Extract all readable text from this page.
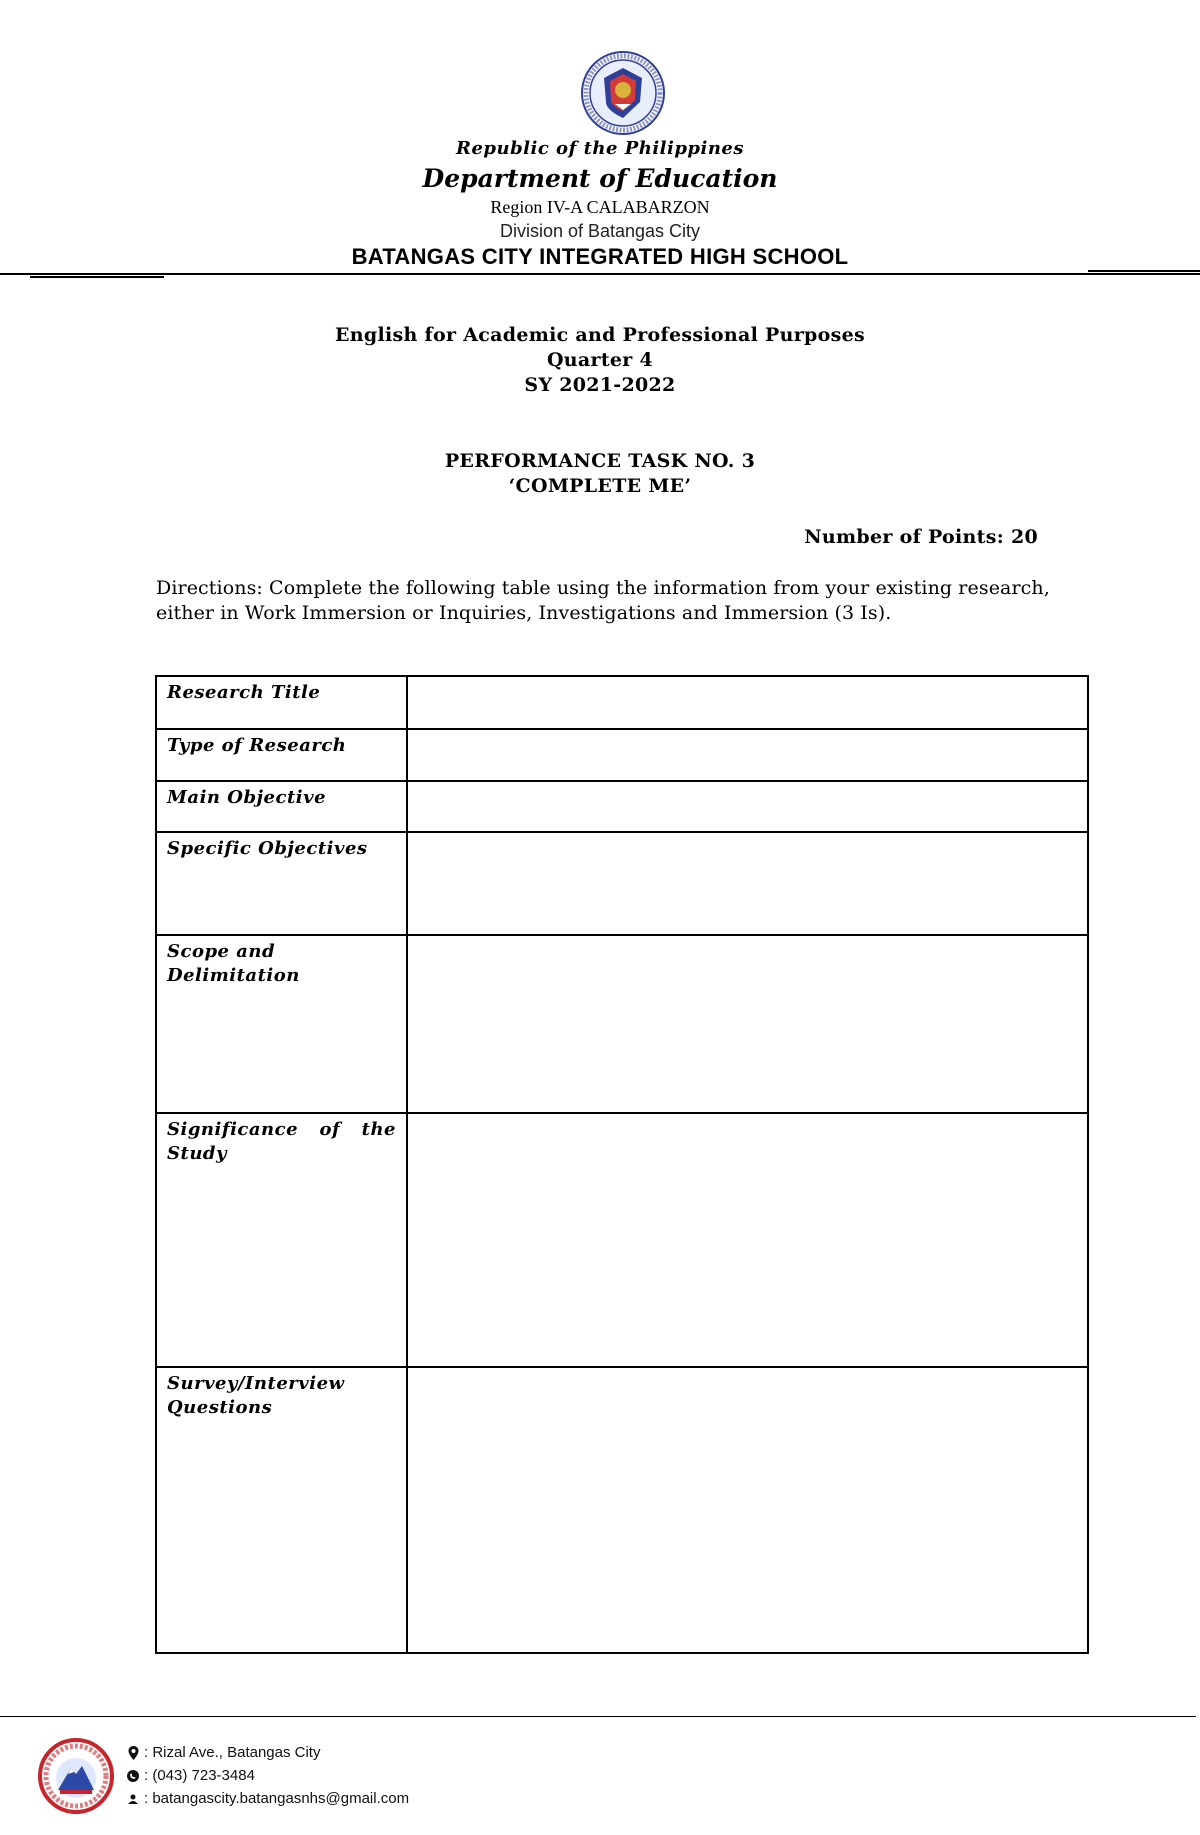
Republic of the Philippines
Department of Education
Region IV-A CALABARZON
Division of Batangas City
BATANGAS CITY INTEGRATED HIGH SCHOOL
English for Academic and Professional Purposes
Quarter 4
SY 2021-2022
PERFORMANCE TASK NO. 3
‘COMPLETE ME’
Number of Points: 20
Directions: Complete the following table using the information from your existing research, either in Work Immersion or Inquiries, Investigations and Immersion (3 Is).
Research Title	
Type of Research	
Main Objective	
Specific Objectives	
Scope and Delimitation	
Significance of the Study	
Survey/Interview Questions	
: Rizal Ave., Batangas City
: (043) 723-3484
: batangascity.batangasnhs@gmail.com
